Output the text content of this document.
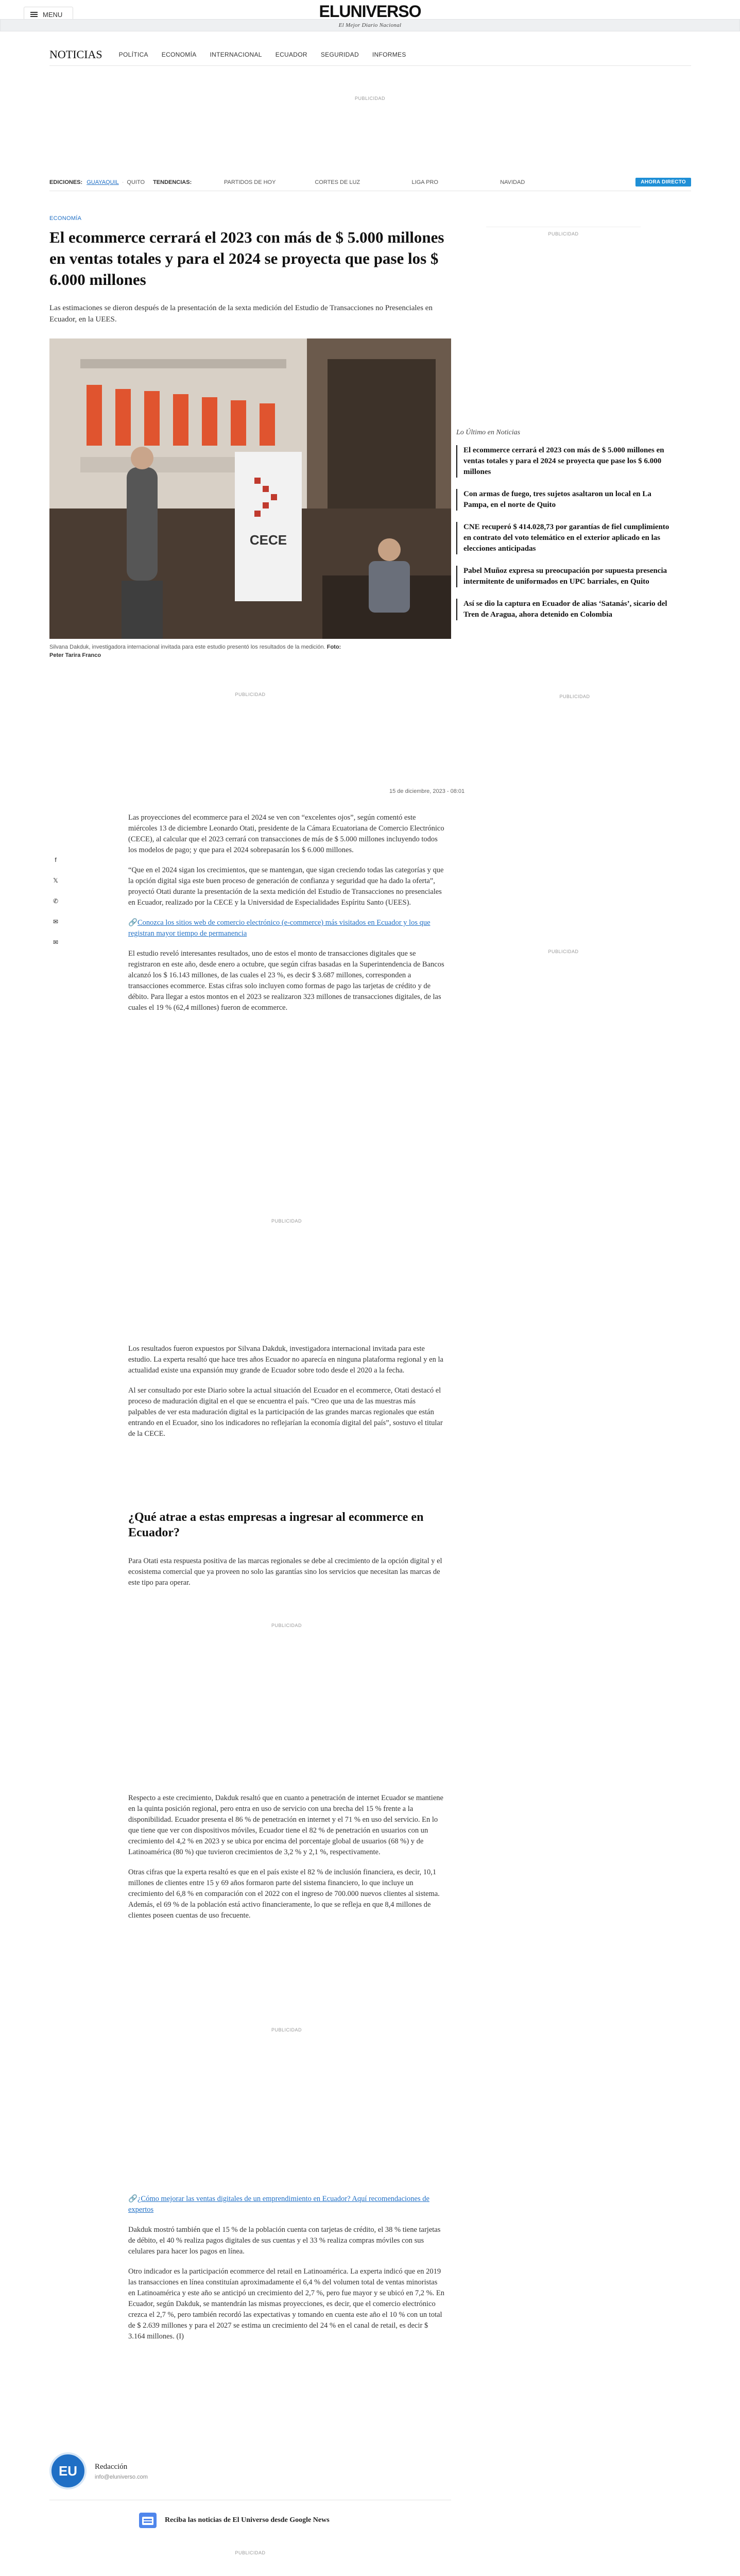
MENU	ELUNIVERSO
El Mejor Diario Nacional
NOTICIAS	POLÍTICA ECONOMÍA INTERNACIONAL ECUADOR SEGURIDAD INFORMES
PUBLICIDAD
EDICIONES: GUAYAQUIL · QUITO TENDENCIAS:	PARTIDOS DE HOY	CORTES DE LUZ	LIGA PRO	NAVIDAD	AHORA DIRECTO
ECONOMÍA
El ecommerce cerrará el 2023 con más de $ 5.000 millones en ventas totales y para el 2024 se proyecta que pase los $ 6.000 millones

Las estimaciones se dieron después de la presentación de la sexta medición del Estudio de Transacciones no Presenciales en Ecuador, en la UEES.

CECE

Silvana Dakduk, investigadora internacional invitada para este estudio presentó los resultados de la medición. Foto:
Peter Tarira Franco

PUBLICIDAD
Lo Último en Noticias
El ecommerce cerrará el 2023 con más de $ 5.000 millones en ventas totales y para el 2024 se proyecta que pase los $ 6.000 millones
Con armas de fuego, tres sujetos asaltaron un local en La Pampa, en el norte de Quito
CNE recuperó $ 414.028,73 por garantías de fiel cumplimiento en contrato del voto telemático en el exterior aplicado en las elecciones anticipadas
Pabel Muñoz expresa su preocupación por supuesta presencia intermitente de uniformados en UPC barriales, en Quito
Así se dio la captura en Ecuador de alias ‘Satanás’, sicario del Tren de Aragua, ahora detenido en Colombia
PUBLICIDAD
PUBLICIDAD
PUBLICIDAD
15 de diciembre, 2023 - 08:01
f
𝕏
✆
✉
✉

Las proyecciones del ecommerce para el 2024 se ven con “excelentes ojos”, según comentó este miércoles 13 de diciembre Leonardo Otati, presidente de la Cámara Ecuatoriana de Comercio Electrónico (CECE), al calcular que el 2023 cerrará con transacciones de más de $ 5.000 millones incluyendo todos los modelos de pago; y que para el 2024 sobrepasarán los $ 6.000 millones.

“Que en el 2024 sigan los crecimientos, que se mantengan, que sigan creciendo todas las categorías y que la opción digital siga este buen proceso de generación de confianza y seguridad que ha dado la oferta”, proyectó Otati durante la presentación de la sexta medición del Estudio de Transacciones no presenciales en Ecuador, realizado por la CECE y la Universidad de Especialidades Espíritu Santo (UEES).

🔗Conozca los sitios web de comercio electrónico (e-commerce) más visitados en Ecuador y los que registran mayor tiempo de permanencia

El estudio reveló interesantes resultados, uno de estos el monto de transacciones digitales que se registraron en este año, desde enero a octubre, que según cifras basadas en la Superintendencia de Bancos alcanzó los $ 16.143 millones, de las cuales el 23 %, es decir $ 3.687 millones, corresponden a transacciones ecommerce. Estas cifras solo incluyen como formas de pago las tarjetas de crédito y de débito. Para llegar a estos montos en el 2023 se realizaron 323 millones de transacciones digitales, de las cuales el 19 % (62,4 millones) fueron de ecommerce.

PUBLICIDAD

Los resultados fueron expuestos por Silvana Dakduk, investigadora internacional invitada para este estudio. La experta resaltó que hace tres años Ecuador no aparecía en ninguna plataforma regional y en la actualidad existe una expansión muy grande de Ecuador sobre todo desde el 2020 a la fecha.

Al ser consultado por este Diario sobre la actual situación del Ecuador en el ecommerce, Otati destacó el proceso de maduración digital en el que se encuentra el país. “Creo que una de las muestras más palpables de ver esta maduración digital es la participación de las grandes marcas regionales que están entrando en el Ecuador, sino los indicadores no reflejarían la economía digital del país”, sostuvo el titular de la CECE.

¿Qué atrae a estas empresas a ingresar al ecommerce en Ecuador?

Para Otati esta respuesta positiva de las marcas regionales se debe al crecimiento de la opción digital y el ecosistema comercial que ya proveen no solo las garantías sino los servicios que necesitan las marcas de este tipo para operar.

PUBLICIDAD

Respecto a este crecimiento, Dakduk resaltó que en cuanto a penetración de internet Ecuador se mantiene en la quinta posición regional, pero entra en uso de servicio con una brecha del 15 % frente a la disponibilidad. Ecuador presenta el 86 % de penetración en internet y el 71 % en uso del servicio. En lo que tiene que ver con dispositivos móviles, Ecuador tiene el 82 % de penetración en usuarios con un crecimiento del 4,2 % en 2023 y se ubica por encima del porcentaje global de usuarios (68 %) y de Latinoamérica (80 %) que tuvieron crecimientos de 3,2 % y 2,1 %, respectivamente.

Otras cifras que la experta resaltó es que en el país existe el 82 % de inclusión financiera, es decir, 10,1 millones de clientes entre 15 y 69 años formaron parte del sistema financiero, lo que incluye un crecimiento del 6,8 % en comparación con el 2022 con el ingreso de 700.000 nuevos clientes al sistema. Además, el 69 % de la población está activo financieramente, lo que se refleja en que 8,4 millones de clientes poseen cuentas de uso frecuente.

PUBLICIDAD

🔗¿Cómo mejorar las ventas digitales de un emprendimiento en Ecuador? Aquí recomendaciones de expertos

Dakduk mostró también que el 15 % de la población cuenta con tarjetas de crédito, el 38 % tiene tarjetas de débito, el 40 % realiza pagos digitales de sus cuentas y el 33 % realiza compras móviles con sus celulares para hacer los pagos en línea.

Otro indicador es la participación ecommerce del retail en Latinoamérica. La experta indicó que en 2019 las transacciones en línea constituían aproximadamente el 6,4 % del volumen total de ventas minoristas en Latinoamérica y este año se anticipó un crecimiento del 2,7 %, pero fue mayor y se ubicó en 7,2 %. En Ecuador, según Dakduk, se mantendrán las mismas proyecciones, es decir, que el comercio electrónico crezca el 2,7 %, pero también recordó las expectativas y tomando en cuenta este año el 10 % con un total de $ 2.639 millones y para el 2027 se estima un crecimiento del 24 % en el canal de retail, es decir $ 3.164 millones. (I)

EU	Redacción
info@eluniverso.com
Reciba las noticias de El Universo desde Google News
PUBLICIDAD
